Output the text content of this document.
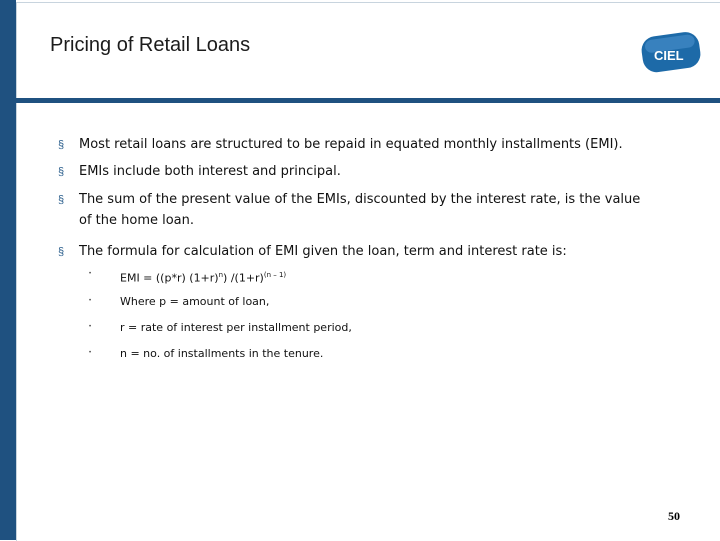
Pricing of Retail Loans	CIEL
§ Most retail loans are structured to be repaid in equated monthly installments (EMI).
§ EMIs include both interest and principal.
§ The sum of the present value of the EMIs, discounted by the interest rate, is the value
of the home loan.
§ The formula for calculation of EMI given the loan, term and interest rate is:
•	EMI = ((p*r) $(1+r)^n$) $/(1+r)^{(n - 1)}$
•	Where p = amount of loan,
•	r = rate of interest per installment period,
•	n = no. of installments in the tenure.
50
